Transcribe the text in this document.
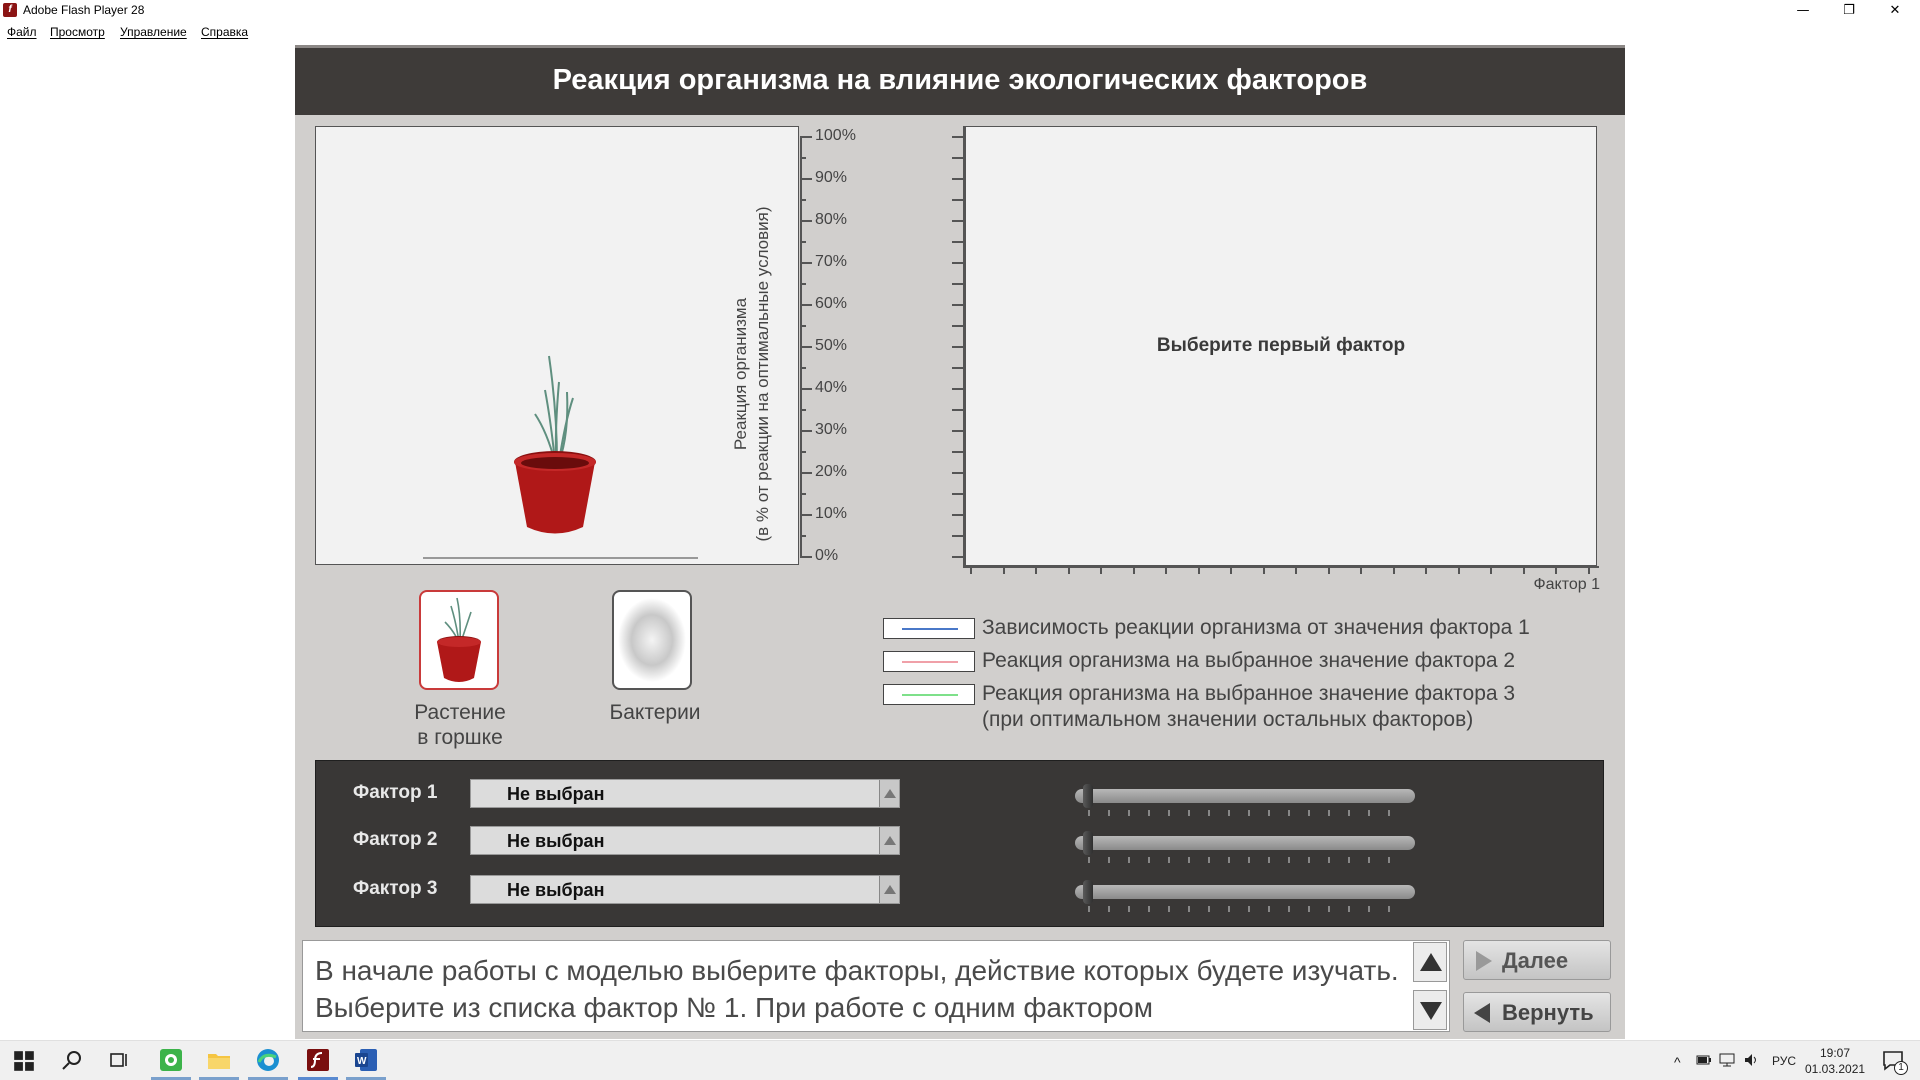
f Adobe Flash Player 28	—	❐	✕
Файл Просмотр Управление Справка
Реакция организма на влияние экологических факторов
100%
90%
80%
70%
60%
50%
40%
30%
20%
10%
0%
Выберите первый фактор
Реакция организма (в % от реакции на оптимальные условия)
Фактор 1
Растение
в горшке
Бактерии
Зависимость реакции организма от значения фактора 1
Реакция организма на выбранное значение фактора 2
Реакция организма на выбранное значение фактора 3
(при оптимальном значении остальных факторов)
Фактор 1	Не выбран
Фактор 2	Не выбран
Фактор 3	Не выбран
В начале работы с моделью выберите факторы, действие которых будете изучать. Выберите из списка фактор № 1. При работе с одним фактором
Далее
Вернуть
W	^	РУС
19:07
01.03.2021	1
